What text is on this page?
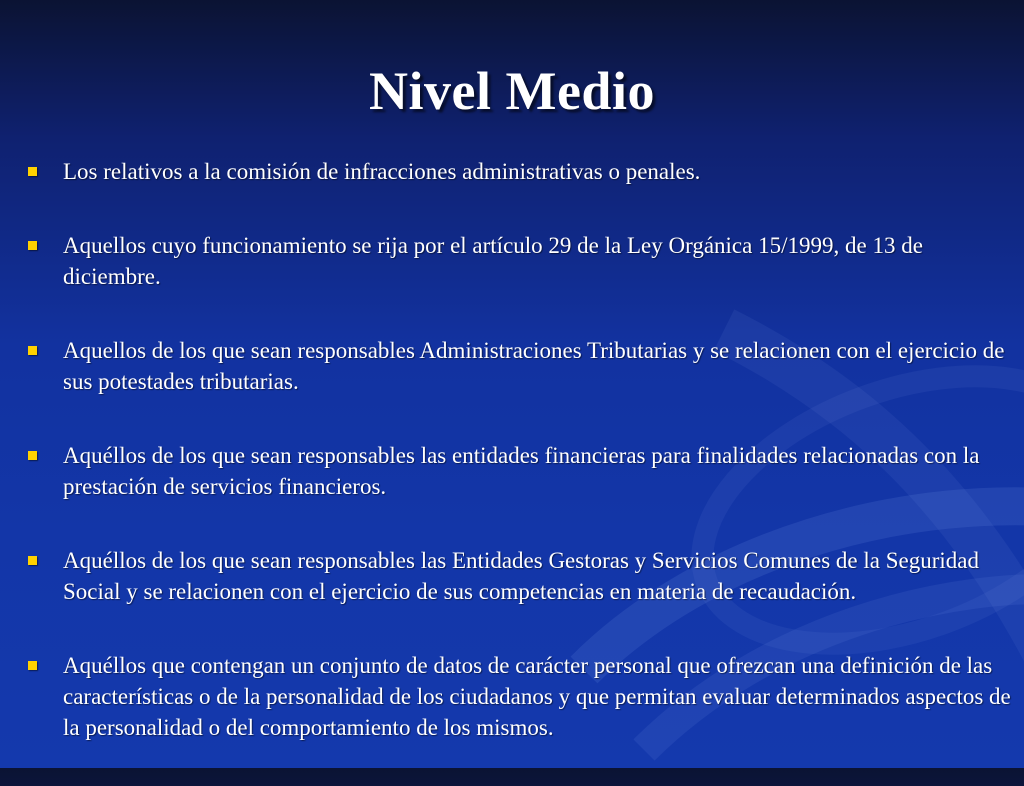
Nivel Medio
Los relativos a la comisión de infracciones administrativas o penales.
Aquellos cuyo funcionamiento se rija por el artículo 29 de la Ley Orgánica 15/1999, de 13 de diciembre.
Aquellos de los que sean responsables Administraciones Tributarias y se relacionen con el ejercicio de sus potestades tributarias.
Aquéllos de los que sean responsables las entidades financieras para finalidades relacionadas con la prestación de servicios financieros.
Aquéllos de los que sean responsables las Entidades Gestoras y Servicios Comunes de la Seguridad Social y se relacionen con el ejercicio de sus competencias en materia de recaudación.
Aquéllos que contengan un conjunto de datos de carácter personal que ofrezcan una definición de las características o de la personalidad de los ciudadanos y que permitan evaluar determinados aspectos de la personalidad o del comportamiento de los mismos.
